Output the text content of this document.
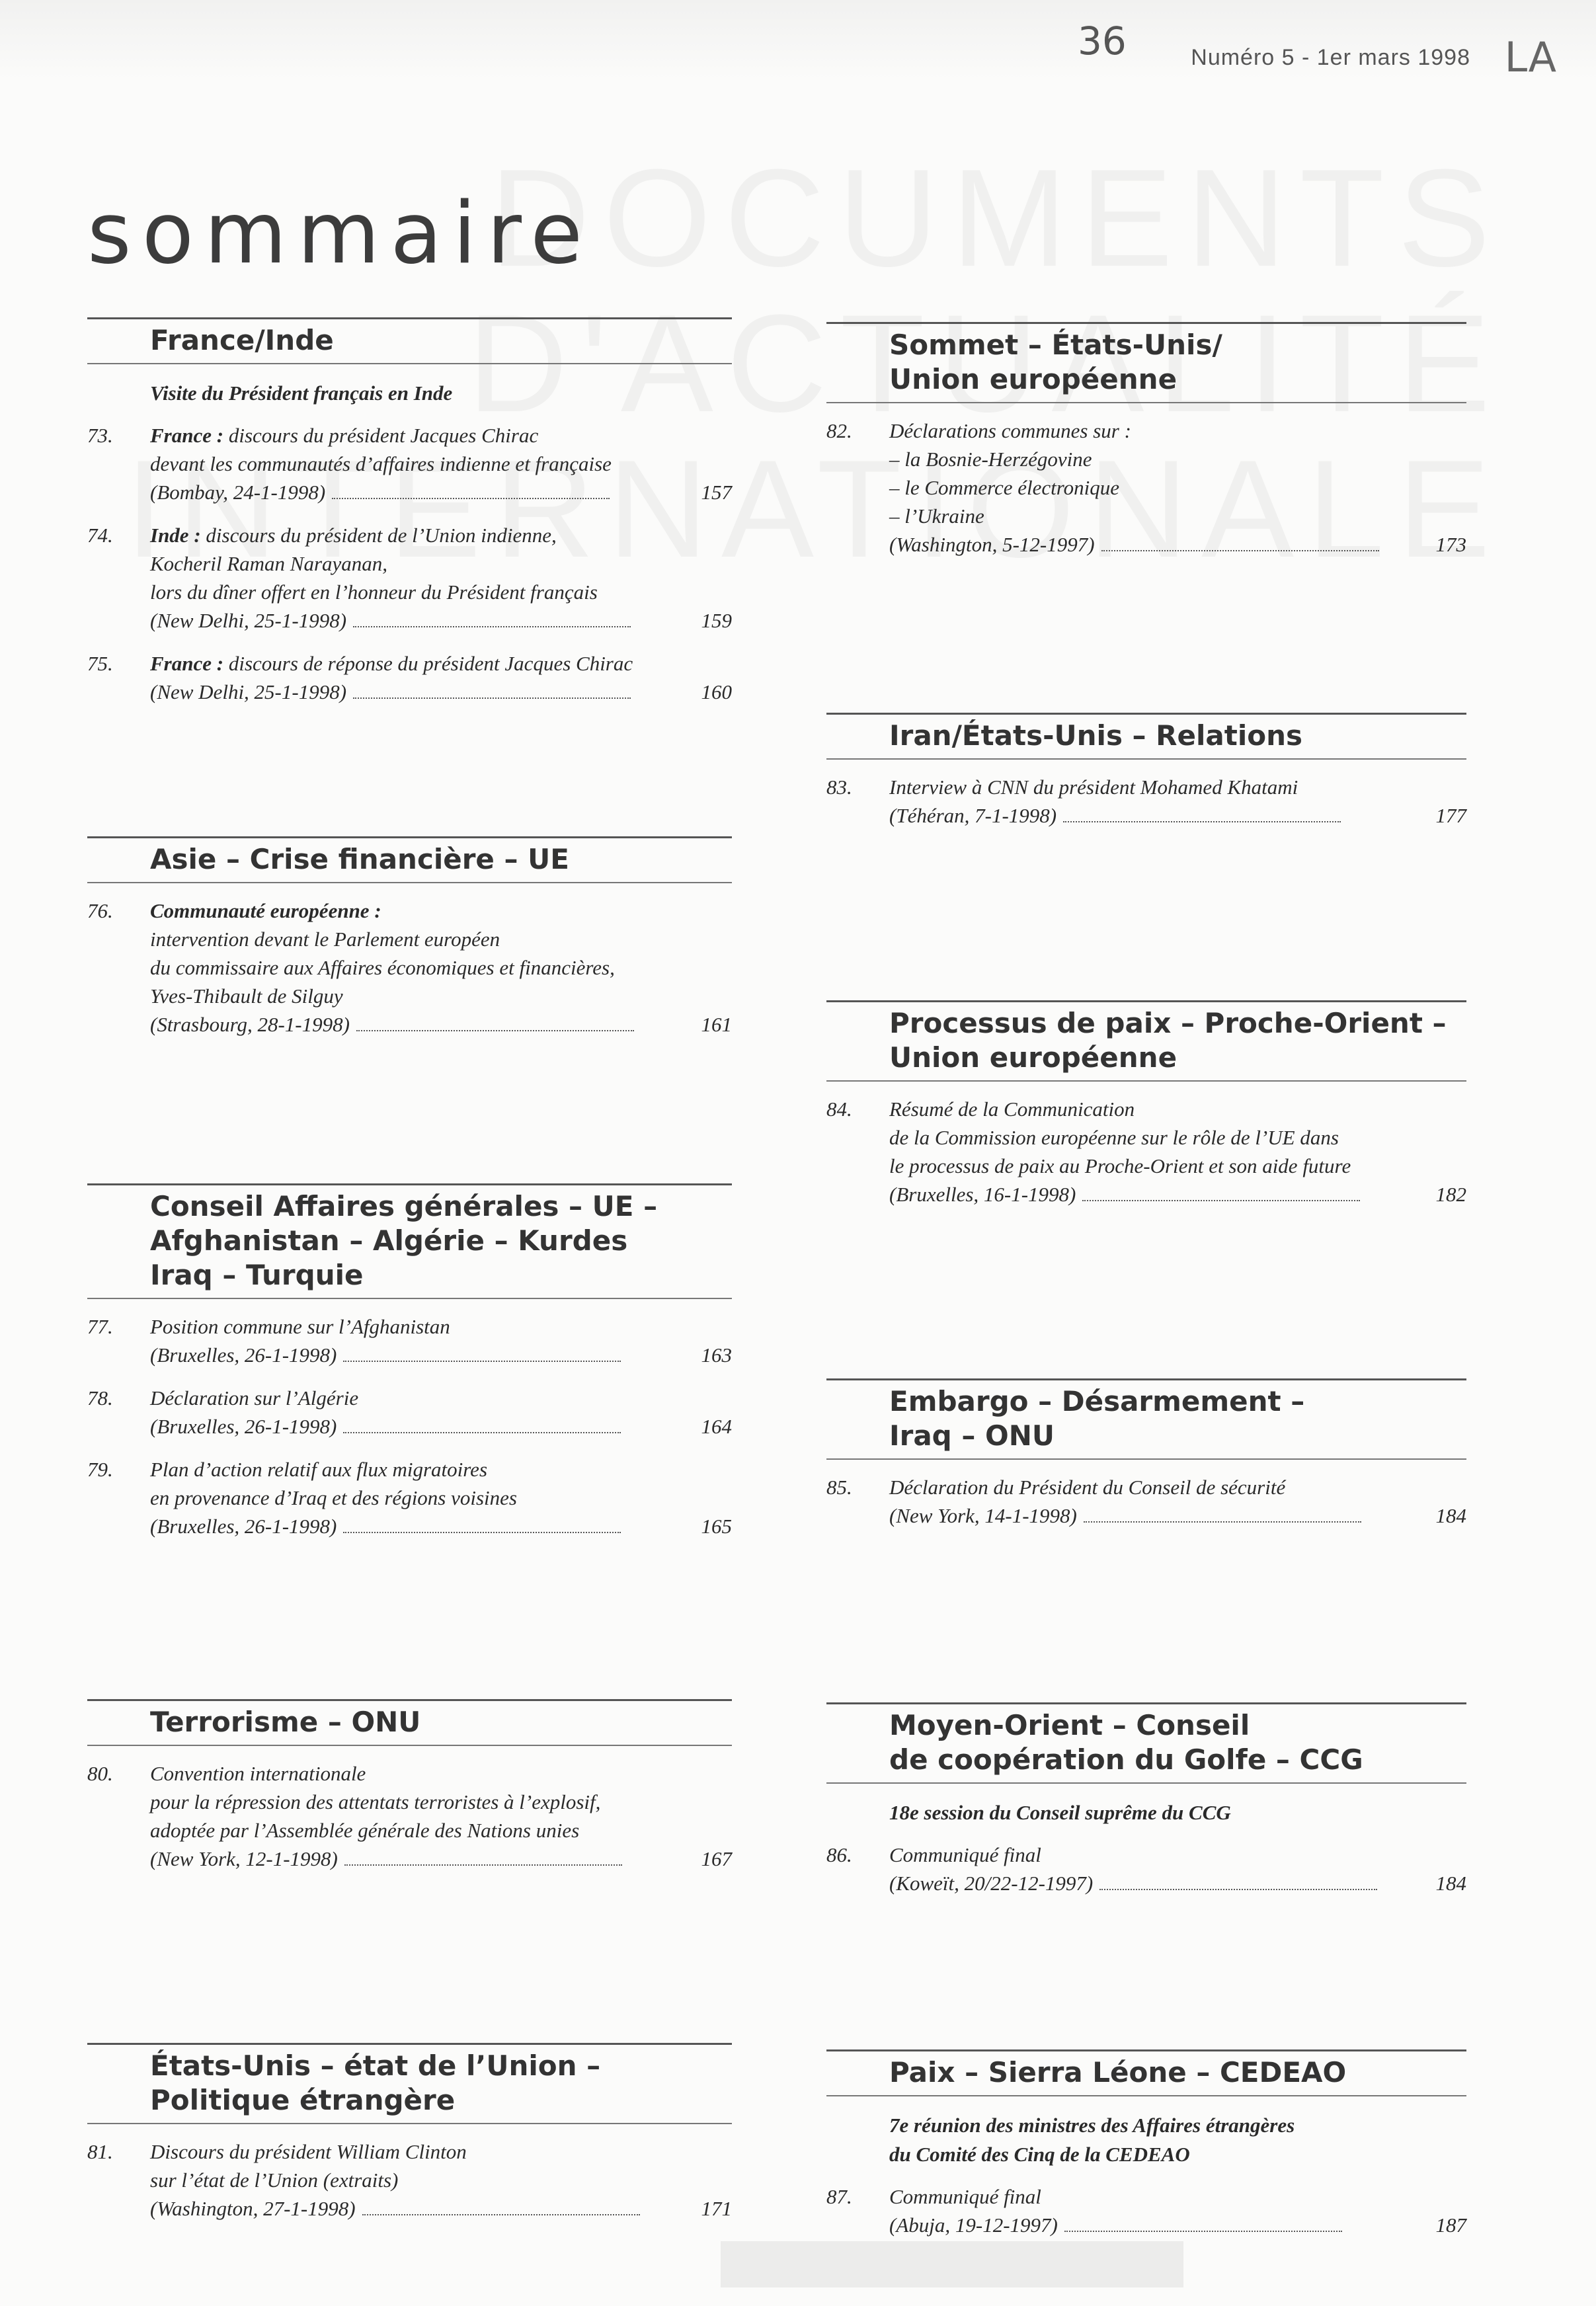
36	Numéro 5 - 1er mars 1998 LA
sommaire
France/Inde
Visite du Président français en Inde
73. France : discours du président Jacques Chirac
devant les communautés d’affaires indienne et française
(Bombay, 24-1-1998)	157
74. Inde : discours du président de l’Union indienne,
Kocheril Raman Narayanan,
lors du dîner offert en l’honneur du Président français
(New Delhi, 25-1-1998)	159
75. France : discours de réponse du président Jacques Chirac
(New Delhi, 25-1-1998)	160
Asie – Crise financière – UE
76. Communauté européenne :
intervention devant le Parlement européen
du commissaire aux Affaires économiques et financières,
Yves-Thibault de Silguy
(Strasbourg, 28-1-1998)	161
Conseil Affaires générales – UE –
Afghanistan – Algérie – Kurdes
Iraq – Turquie
77. Position commune sur l’Afghanistan
(Bruxelles, 26-1-1998)	163
78. Déclaration sur l’Algérie
(Bruxelles, 26-1-1998)	164
79. Plan d’action relatif aux flux migratoires
en provenance d’Iraq et des régions voisines
(Bruxelles, 26-1-1998)	165
Terrorisme – ONU
80. Convention internationale
pour la répression des attentats terroristes à l’explosif,
adoptée par l’Assemblée générale des Nations unies
(New York, 12-1-1998)	167
États-Unis – état de l’Union –
Politique étrangère
81. Discours du président William Clinton
sur l’état de l’Union (extraits)
(Washington, 27-1-1998)	171
Sommet – États-Unis/
Union européenne
82. Déclarations communes sur :
– la Bosnie-Herzégovine
– le Commerce électronique
– l’Ukraine
(Washington, 5-12-1997)	173
Iran/États-Unis – Relations
83. Interview à CNN du président Mohamed Khatami
(Téhéran, 7-1-1998)	177
Processus de paix – Proche-Orient –
Union européenne
84. Résumé de la Communication
de la Commission européenne sur le rôle de l’UE dans
le processus de paix au Proche-Orient et son aide future
(Bruxelles, 16-1-1998)	182
Embargo – Désarmement –
Iraq – ONU
85. Déclaration du Président du Conseil de sécurité
(New York, 14-1-1998)	184
Moyen-Orient – Conseil
de coopération du Golfe – CCG
18e session du Conseil suprême du CCG
86. Communiqué final
(Koweït, 20/22-12-1997)	184
Paix – Sierra Léone – CEDEAO
7e réunion des ministres des Affaires étrangères
du Comité des Cinq de la CEDEAO
87. Communiqué final
(Abuja, 19-12-1997)	187
